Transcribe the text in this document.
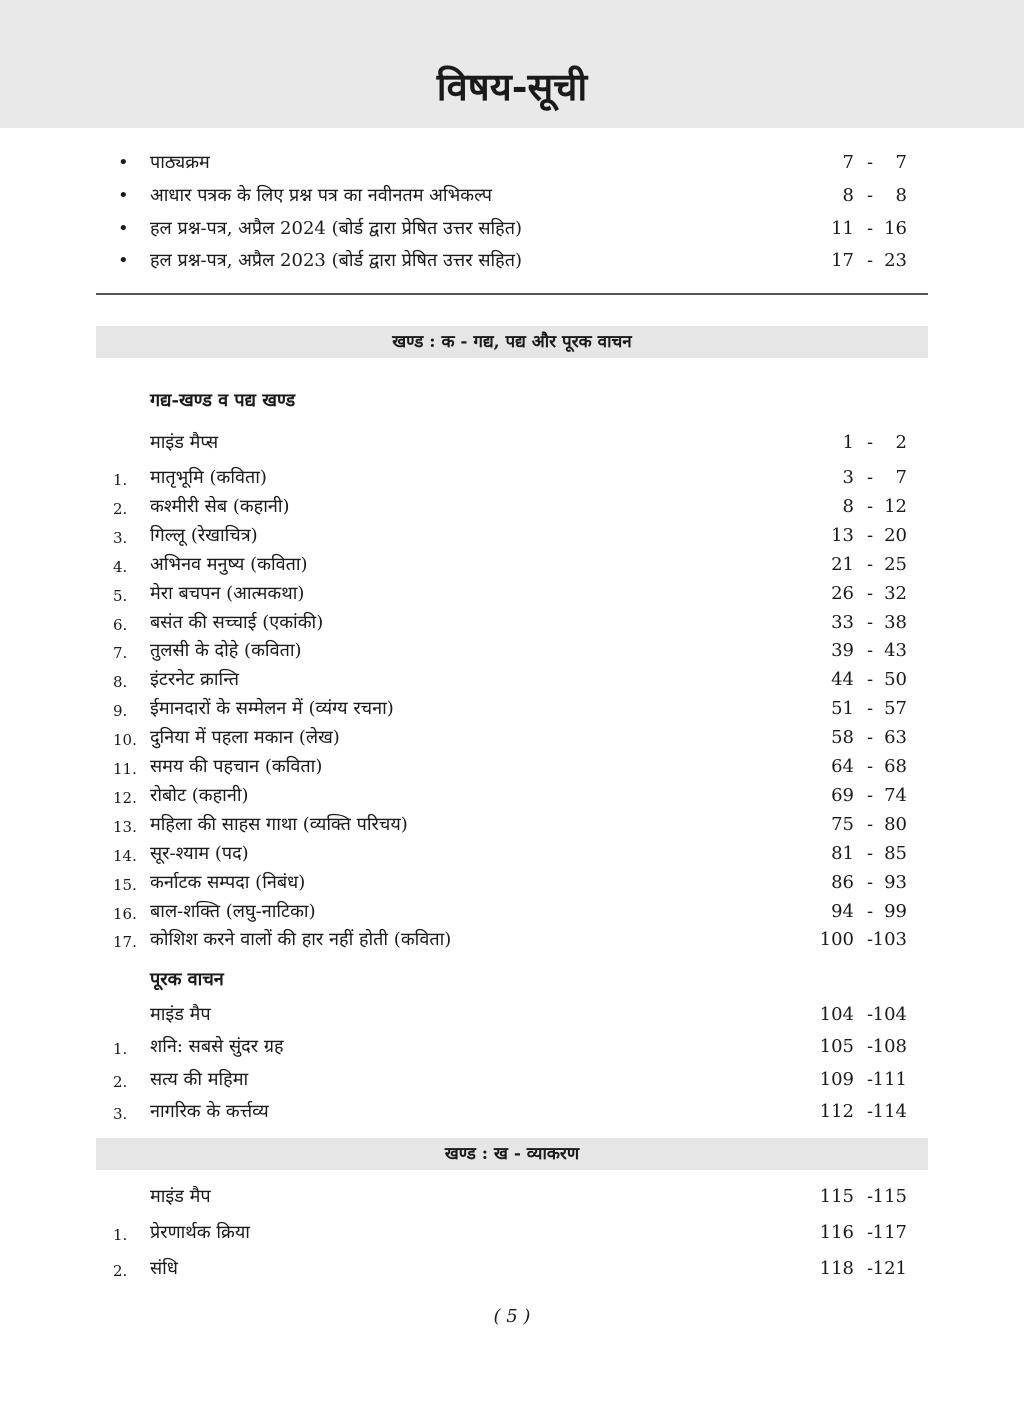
विषय-सूची
• पाठ्यक्रम	7 - 7
• आधार पत्रक के लिए प्रश्न पत्र का नवीनतम अभिकल्प	8 - 8
• हल प्रश्न-पत्र, अप्रैल 2024 (बोर्ड द्वारा प्रेषित उत्तर सहित)	11 - 16
• हल प्रश्न-पत्र, अप्रैल 2023 (बोर्ड द्वारा प्रेषित उत्तर सहित)	17 - 23
खण्ड : क - गद्य, पद्य और पूरक वाचन
गद्य-खण्ड व पद्य खण्ड
माइंड मैप्स	1 - 2
1. मातृभूमि (कविता)	3 - 7
2. कश्मीरी सेब (कहानी)	8 - 12
3. गिल्लू (रेखाचित्र)	13 - 20
4. अभिनव मनुष्य (कविता)	21 - 25
5. मेरा बचपन (आत्मकथा)	26 - 32
6. बसंत की सच्चाई (एकांकी)	33 - 38
7. तुलसी के दोहे (कविता)	39 - 43
8. इंटरनेट क्रान्ति	44 - 50
9. ईमानदारों के सम्मेलन में (व्यंग्य रचना)	51 - 57
10. दुनिया में पहला मकान (लेख)	58 - 63
11. समय की पहचान (कविता)	64 - 68
12. रोबोट (कहानी)	69 - 74
13. महिला की साहस गाथा (व्यक्ति परिचय)	75 - 80
14. सूर-श्याम (पद)	81 - 85
15. कर्नाटक सम्पदा (निबंध)	86 - 93
16. बाल-शक्ति (लघु-नाटिका)	94 - 99
17. कोशिश करने वालों की हार नहीं होती (कविता)	100 - 103
पूरक वाचन
माइंड मैप	104 - 104
1. शनि: सबसे सुंदर ग्रह	105 - 108
2. सत्य की महिमा	109 - 111
3. नागरिक के कर्त्तव्य	112 - 114
खण्ड : ख - व्याकरण
माइंड मैप	115 - 115
1. प्रेरणार्थक क्रिया	116 - 117
2. संधि	118 - 121
( 5 )
